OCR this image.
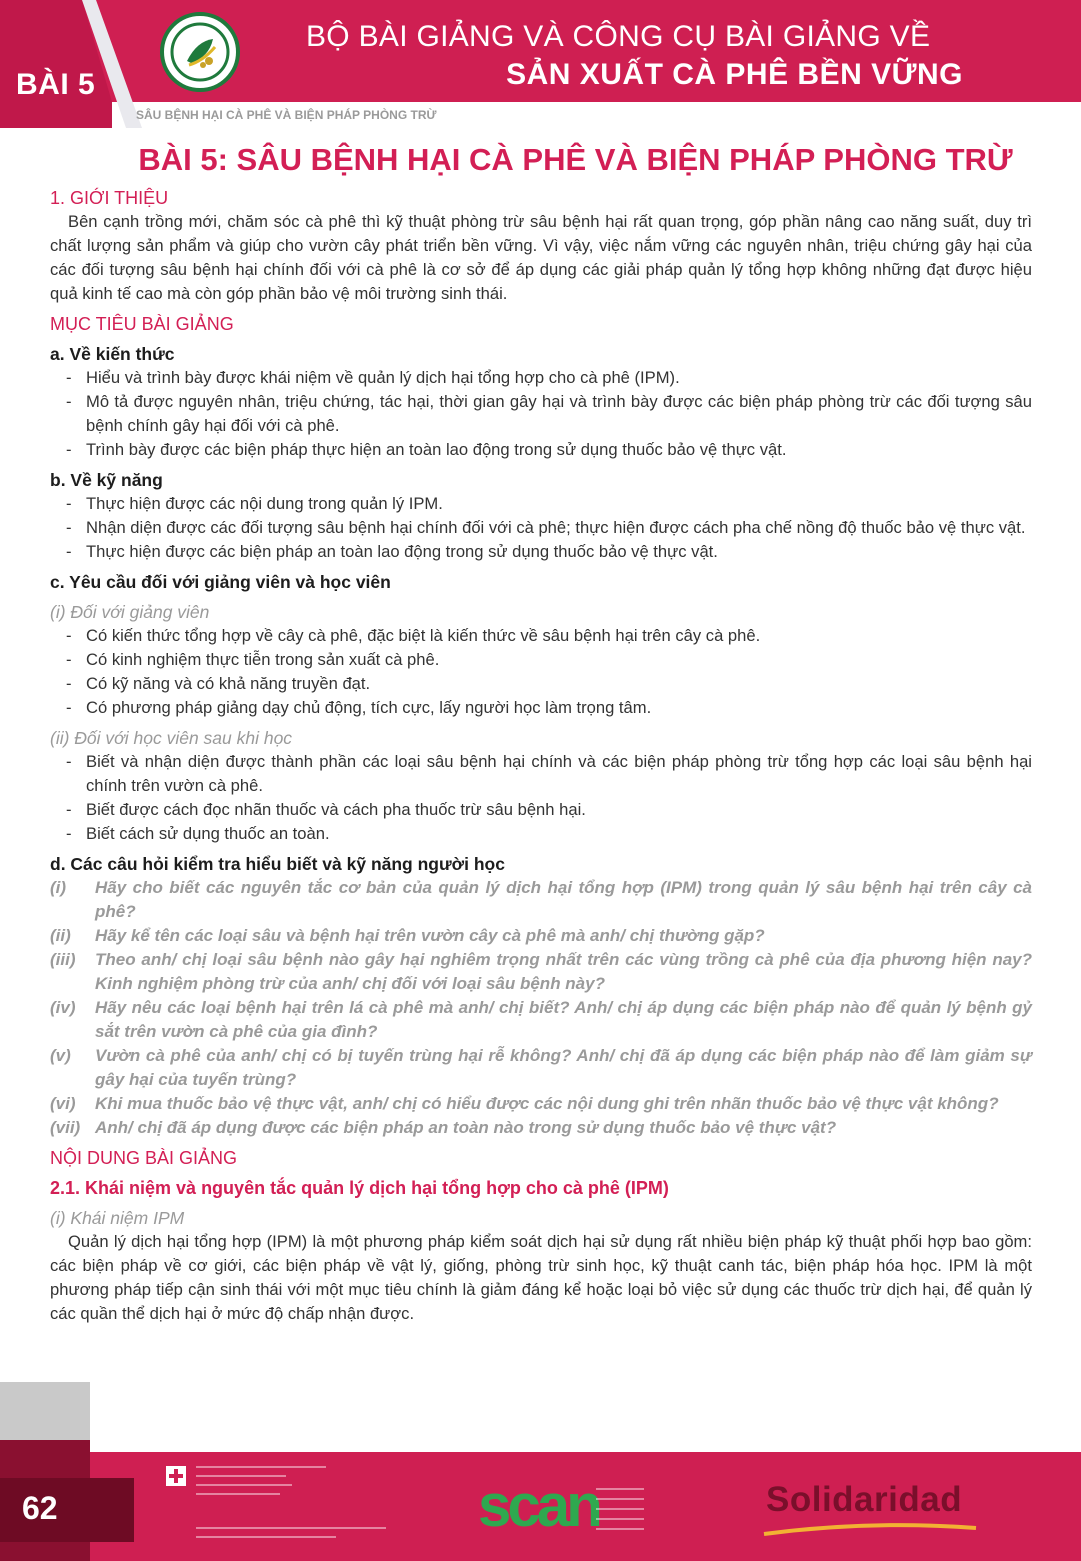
BÀI 5
BỘ BÀI GIẢNG VÀ CÔNG CỤ BÀI GIẢNG VỀ
SẢN XUẤT CÀ PHÊ BỀN VỮNG
SÂU BỆNH HẠI CÀ PHÊ VÀ BIỆN PHÁP PHÒNG TRỪ
BÀI 5: SÂU BỆNH HẠI CÀ PHÊ VÀ BIỆN PHÁP PHÒNG TRỪ
1. GIỚI THIỆU

Bên cạnh trồng mới, chăm sóc cà phê thì kỹ thuật phòng trừ sâu bệnh hại rất quan trọng, góp phần nâng cao năng suất, duy trì chất lượng sản phẩm và giúp cho vườn cây phát triển bền vững. Vì vậy, việc nắm vững các nguyên nhân, triệu chứng gây hại của các đối tượng sâu bệnh hại chính đối với cà phê là cơ sở để áp dụng các giải pháp quản lý tổng hợp không những đạt được hiệu quả kinh tế cao mà còn góp phần bảo vệ môi trường sinh thái.

MỤC TIÊU BÀI GIẢNG
a. Về kiến thức
- Hiểu và trình bày được khái niệm về quản lý dịch hại tổng hợp cho cà phê (IPM).
- Mô tả được nguyên nhân, triệu chứng, tác hại, thời gian gây hại và trình bày được các biện pháp phòng trừ các đối tượng sâu bệnh chính gây hại đối với cà phê.
- Trình bày được các biện pháp thực hiện an toàn lao động trong sử dụng thuốc bảo vệ thực vật.
b. Về kỹ năng
- Thực hiện được các nội dung trong quản lý IPM.
- Nhận diện được các đối tượng sâu bệnh hại chính đối với cà phê; thực hiện được cách pha chế nồng độ thuốc bảo vệ thực vật.
- Thực hiện được các biện pháp an toàn lao động trong sử dụng thuốc bảo vệ thực vật.
c. Yêu cầu đối với giảng viên và học viên
(i) Đối với giảng viên
- Có kiến thức tổng hợp về cây cà phê, đặc biệt là kiến thức về sâu bệnh hại trên cây cà phê.
- Có kinh nghiệm thực tiễn trong sản xuất cà phê.
- Có kỹ năng và có khả năng truyền đạt.
- Có phương pháp giảng dạy chủ động, tích cực, lấy người học làm trọng tâm.
(ii) Đối với học viên sau khi học
- Biết và nhận diện được thành phần các loại sâu bệnh hại chính và các biện pháp phòng trừ tổng hợp các loại sâu bệnh hại chính trên vườn cà phê.
- Biết được cách đọc nhãn thuốc và cách pha thuốc trừ sâu bệnh hại.
- Biết cách sử dụng thuốc an toàn.
d. Các câu hỏi kiểm tra hiểu biết và kỹ năng người học
(i)	Hãy cho biết các nguyên tắc cơ bản của quản lý dịch hại tổng hợp (IPM) trong quản lý sâu bệnh hại trên cây cà phê?
(ii)	Hãy kể tên các loại sâu và bệnh hại trên vườn cây cà phê mà anh/ chị thường gặp?
(iii)	Theo anh/ chị loại sâu bệnh nào gây hại nghiêm trọng nhất trên các vùng trồng cà phê của địa phương hiện nay? Kinh nghiệm phòng trừ của anh/ chị đối với loại sâu bệnh này?
(iv)	Hãy nêu các loại bệnh hại trên lá cà phê mà anh/ chị biết? Anh/ chị áp dụng các biện pháp nào để quản lý bệnh gỷ sắt trên vườn cà phê của gia đình?
(v)	Vườn cà phê của anh/ chị có bị tuyến trùng hại rễ không? Anh/ chị đã áp dụng các biện pháp nào để làm giảm sự gây hại của tuyến trùng?
(vi)	Khi mua thuốc bảo vệ thực vật, anh/ chị có hiểu được các nội dung ghi trên nhãn thuốc bảo vệ thực vật không?
(vii) Anh/ chị đã áp dụng được các biện pháp an toàn nào trong sử dụng thuốc bảo vệ thực vật?
NỘI DUNG BÀI GIẢNG
2.1. Khái niệm và nguyên tắc quản lý dịch hại tổng hợp cho cà phê (IPM)
(i) Khái niệm IPM

Quản lý dịch hại tổng hợp (IPM) là một phương pháp kiểm soát dịch hại sử dụng rất nhiều biện pháp kỹ thuật phối hợp bao gồm: các biện pháp về cơ giới, các biện pháp về vật lý, giống, phòng trừ sinh học, kỹ thuật canh tác, biện pháp hóa học. IPM là một phương pháp tiếp cận sinh thái với một mục tiêu chính là giảm đáng kể hoặc loại bỏ việc sử dụng các thuốc trừ dịch hại, để quản lý các quần thể dịch hại ở mức độ chấp nhận được.

62	scan	Solidaridad
